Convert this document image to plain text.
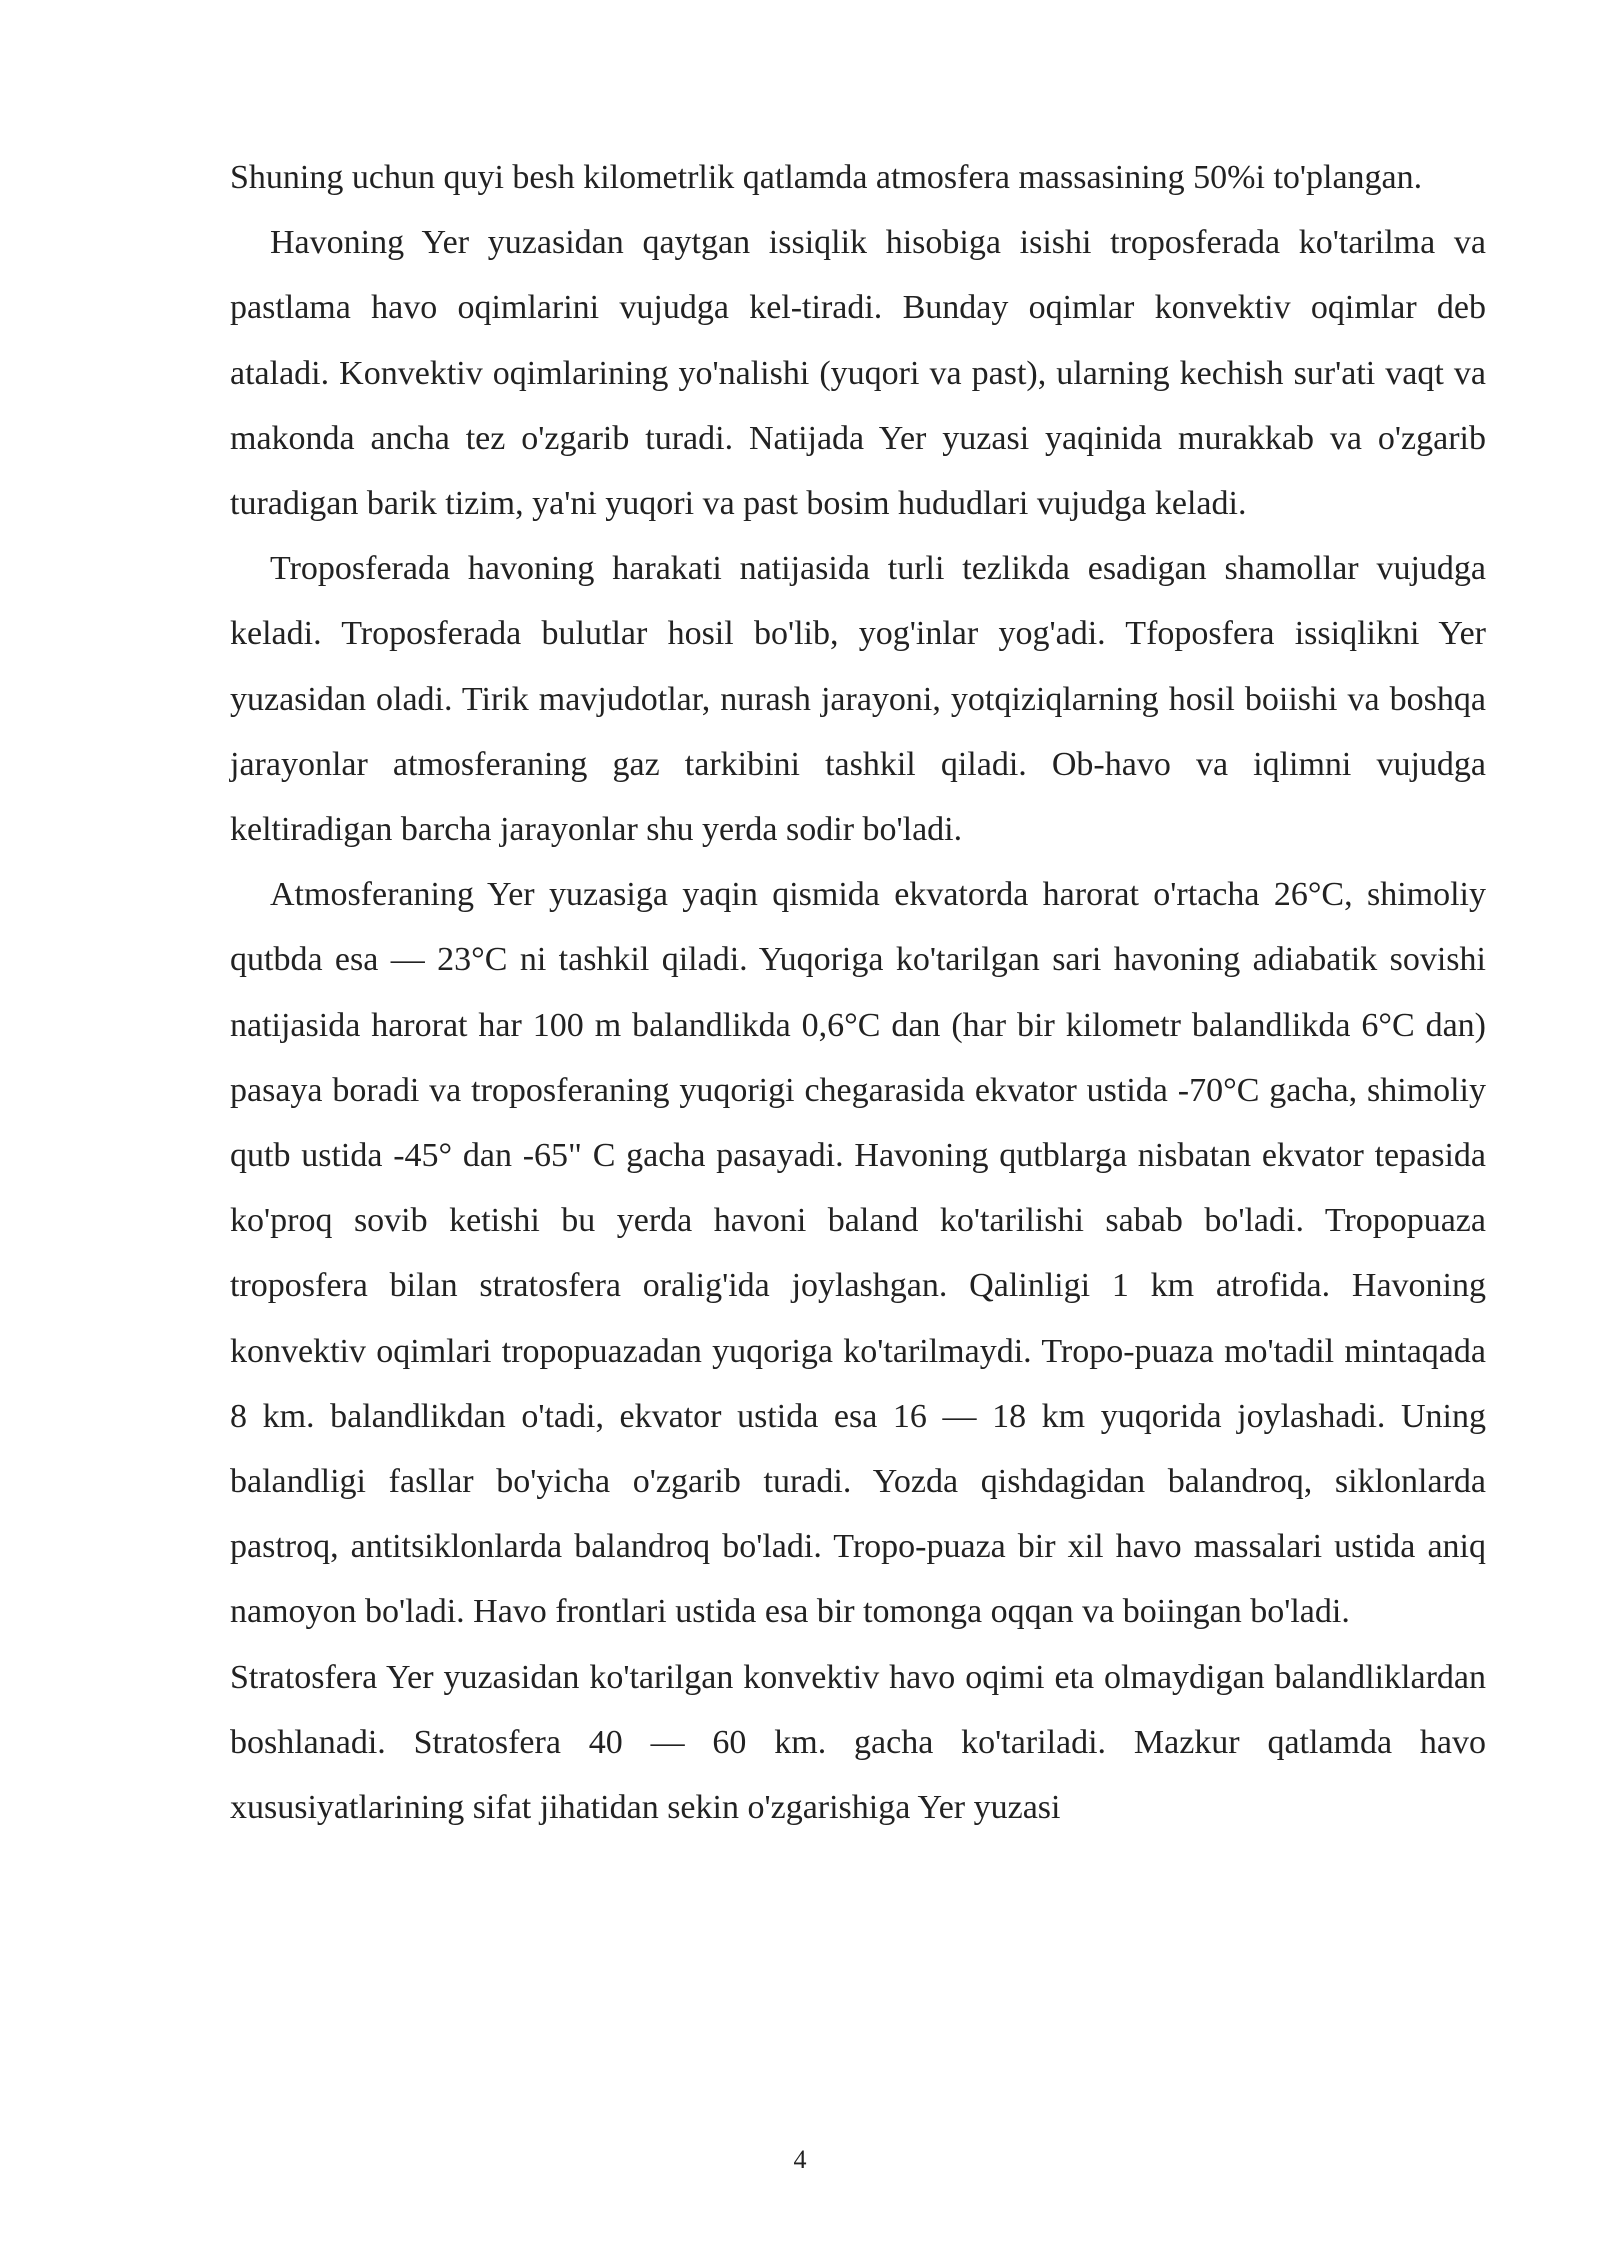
Shuning uchun quyi besh kilometrlik qatlamda atmosfera massasining 50%i to'plangan.

Havoning Yer yuzasidan qaytgan issiqlik hisobiga isishi troposferada ko'tarilma va pastlama havo oqimlarini vujudga kel-tiradi. Bunday oqimlar konvektiv oqimlar deb ataladi. Konvektiv oqimlarining yo'nalishi (yuqori va past), ularning kechish sur'ati vaqt va makonda ancha tez o'zgarib turadi. Natijada Yer yuzasi yaqinida murakkab va o'zgarib turadigan barik tizim, ya'ni yuqori va past bosim hududlari vujudga keladi.

Troposferada havoning harakati natijasida turli tezlikda esadigan shamollar vujudga keladi. Troposferada bulutlar hosil bo'lib, yog'inlar yog'adi. Tfoposfera issiqlikni Yer yuzasidan oladi. Tirik mavjudotlar, nurash jarayoni, yotqiziqlarning hosil boiishi va boshqa jarayonlar atmosferaning gaz tarkibini tashkil qiladi. Ob-havo va iqlimni vujudga keltiradigan barcha jarayonlar shu yerda sodir bo'ladi.

Atmosferaning Yer yuzasiga yaqin qismida ekvatorda harorat o'rtacha 26°C, shimoliy qutbda esa — 23°C ni tashkil qiladi. Yuqoriga ko'tarilgan sari havoning adiabatik sovishi natijasida harorat har 100 m balandlikda 0,6°C dan (har bir kilometr balandlikda 6°C dan) pasaya boradi va troposferaning yuqorigi chegarasida ekvator ustida -70°C gacha, shimoliy qutb ustida -45° dan -65" C gacha pasayadi. Havoning qutblarga nisbatan ekvator tepasida ko'proq sovib ketishi bu yerda havoni baland ko'tarilishi sabab bo'ladi. Tropopuaza troposfera bilan stratosfera oralig'ida joylashgan. Qalinligi 1 km atrofida. Havoning konvektiv oqimlari tropopuazadan yuqoriga ko'tarilmaydi. Tropo-puaza mo'tadil mintaqada 8 km. balandlikdan o'tadi, ekvator ustida esa 16 — 18 km yuqorida joylashadi. Uning balandligi fasllar bo'yicha o'zgarib turadi. Yozda qishdagidan balandroq, siklonlarda pastroq, antitsiklonlarda balandroq bo'ladi. Tropo-puaza bir xil havo massalari ustida aniq namoyon bo'ladi. Havo frontlari ustida esa bir tomonga oqqan va boiingan bo'ladi.

Stratosfera Yer yuzasidan ko'tarilgan konvektiv havo oqimi eta olmaydigan balandliklardan boshlanadi. Stratosfera 40 — 60 km. gacha ko'tariladi. Mazkur qatlamda havo xususiyatlarining sifat jihatidan sekin o'zgarishiga Yer yuzasi

4
